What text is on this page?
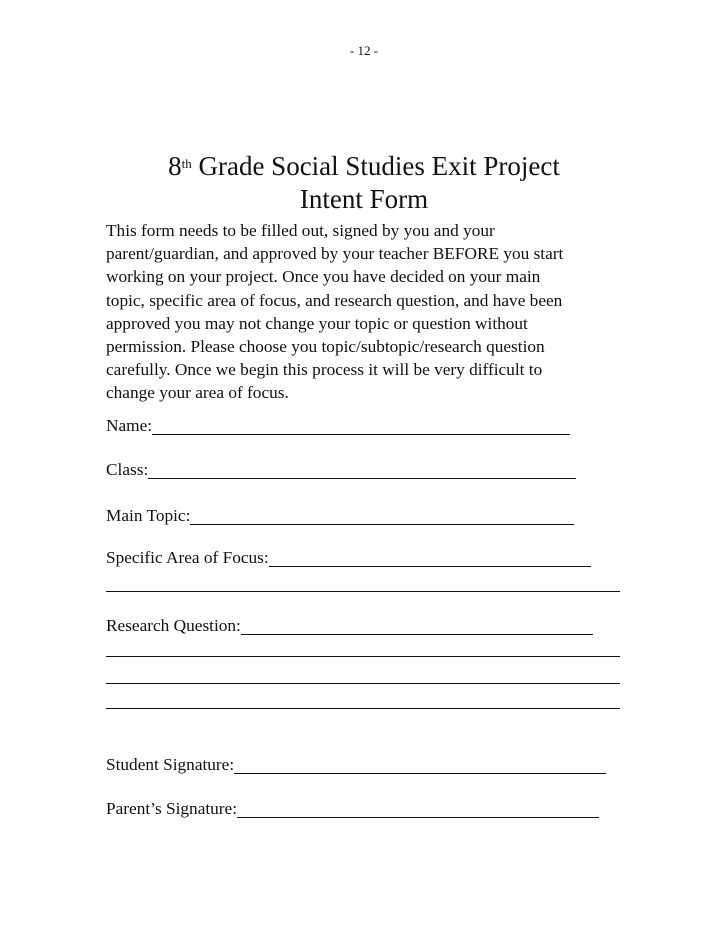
- 12 -
8th Grade Social Studies Exit Project
Intent Form
This form needs to be filled out, signed by you and your
parent/guardian, and approved by your teacher BEFORE you start
working on your project. Once you have decided on your main
topic, specific area of focus, and research question, and have been
approved you may not change your topic or question without
permission. Please choose you topic/subtopic/research question
carefully. Once we begin this process it will be very difficult to
change your area of focus.
Name:
Class:
Main Topic:
Specific Area of Focus:
Research Question:
Student Signature:
Parent’s Signature:
